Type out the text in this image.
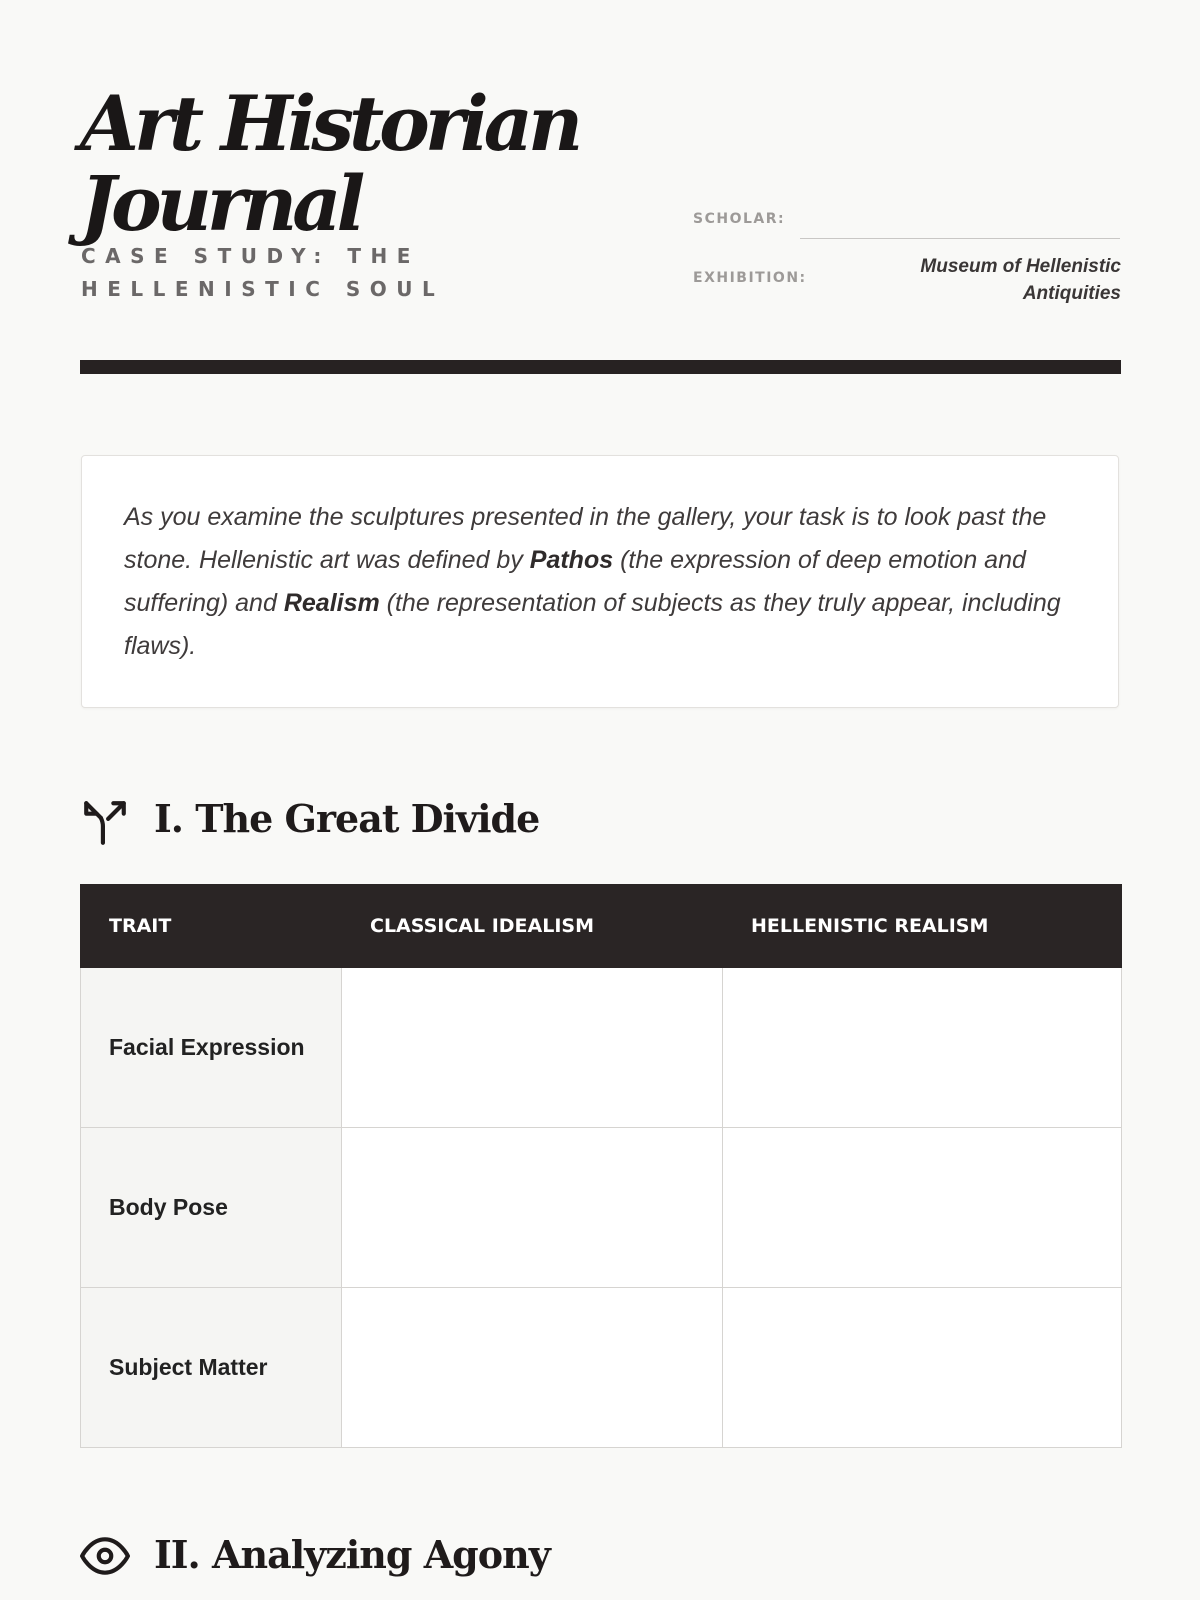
Art Historian
Journal
CASE STUDY: THE HELLENISTIC SOUL
SCHOLAR:
EXHIBITION:
Museum of Hellenistic Antiquities
As you examine the sculptures presented in the gallery, your task is to look past the stone. Hellenistic art was defined by Pathos (the expression of deep emotion and suffering) and Realism (the representation of subjects as they truly appear, including flaws).
I. The Great Divide
TRAIT	CLASSICAL IDEALISM	HELLENISTIC REALISM
Facial Expression		
Body Pose		
Subject Matter		
II. Analyzing Agony
